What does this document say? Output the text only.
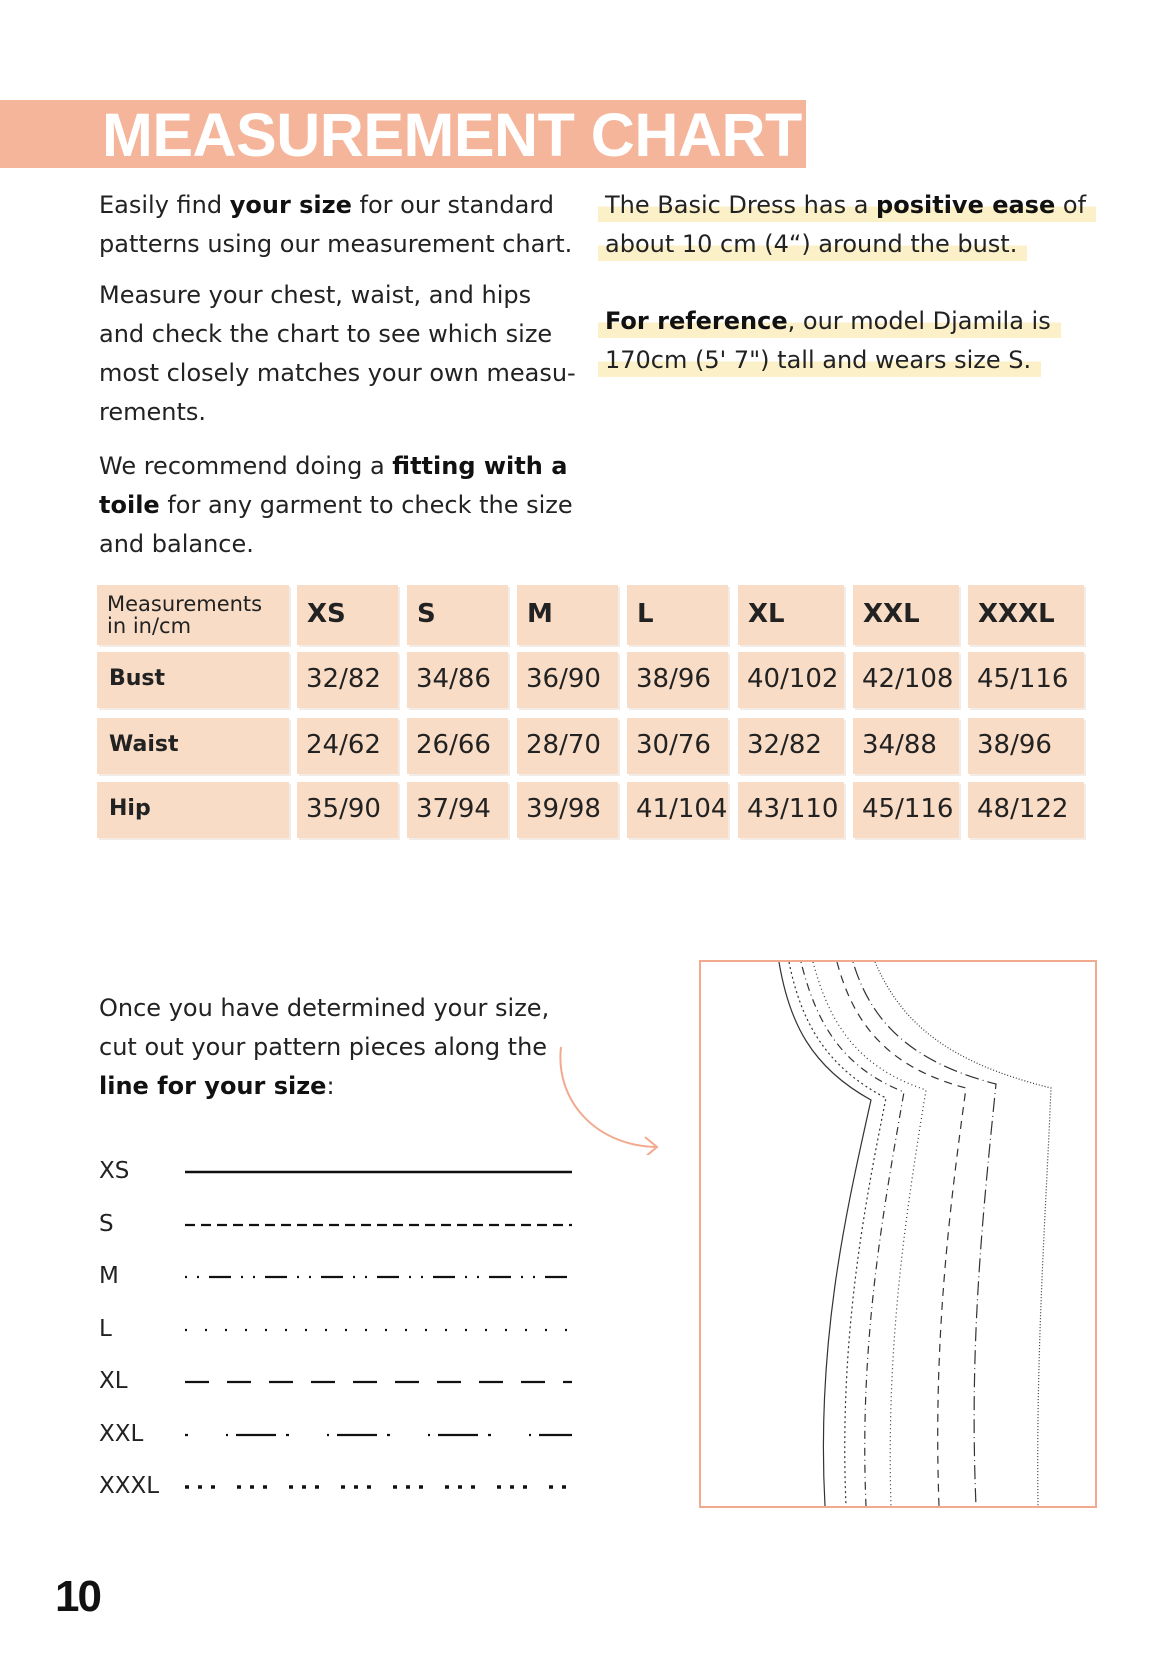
MEASUREMENT CHART

Easily find your size for our standard
patterns using our measurement chart.

Measure your chest, waist, and hips
and check the chart to see which size
most closely matches your own measu-
rements.

We recommend doing a fitting with a
toile for any garment to check the size
and balance.

The Basic Dress has a positive ease of
about 10 cm (4“) around the bust.
For reference, our model Djamila is
170cm (5' 7") tall and wears size S.
Measurements
in in/cm	XS	S	M	L	XL	XXL	XXXL
Bust	32/82	34/86	36/90	38/96	40/102 42/108 45/116
Waist	24/62	26/66	28/70	30/76	32/82	34/88	38/96
Hip	35/90	37/94	39/98	41/104 43/110 45/116 48/122

Once you have determined your size,
cut out your pattern pieces along the
line for your size:

XS
S
M
L
XL
XXL
XXXL
10
